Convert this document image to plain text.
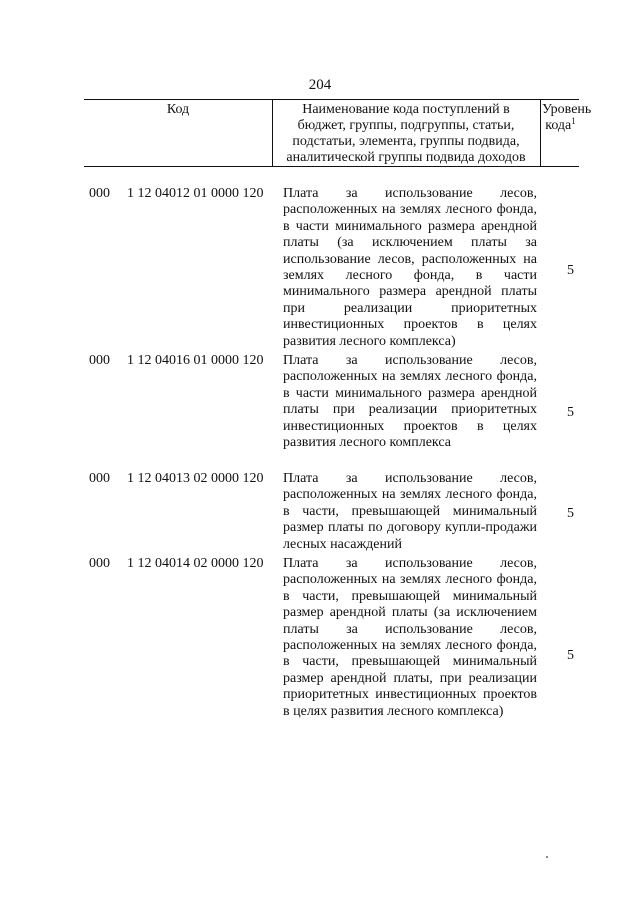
204
Код	Наименование кода поступлений в
бюджет, группы, подгруппы, статьи,
подстатьи, элемента, группы подвида,
аналитической группы подвида доходов
Уровень
кода$^1$
000 1 12 04012 01 0000 120 Плата за использование лесов, расположенных на землях лесного фонда, в части минимального размера арендной платы (за исключением платы за использование лесов, расположенных на землях лесного фонда, в части минимального размера арендной платы при реализации приоритетных инвестиционных проектов в целях развития лесного комплекса)
5
000 1 12 04016 01 0000 120 Плата за использование лесов, расположенных на землях лесного фонда, в части минимального размера арендной платы при реализации приоритетных инвестиционных проектов в целях развития лесного комплекса
5
000 1 12 04013 02 0000 120 Плата за использование лесов, расположенных на землях лесного фонда, в части, превышающей минимальный размер платы по договору купли-продажи лесных насаждений
5
000 1 12 04014 02 0000 120 Плата за использование лесов, расположенных на землях лесного фонда, в части, превышающей минимальный размер арендной платы (за исключением платы за использование лесов, расположенных на землях лесного фонда, в части, превышающей минимальный размер арендной платы, при реализации приоритетных инвестиционных проектов в целях развития лесного комплекса)
5
